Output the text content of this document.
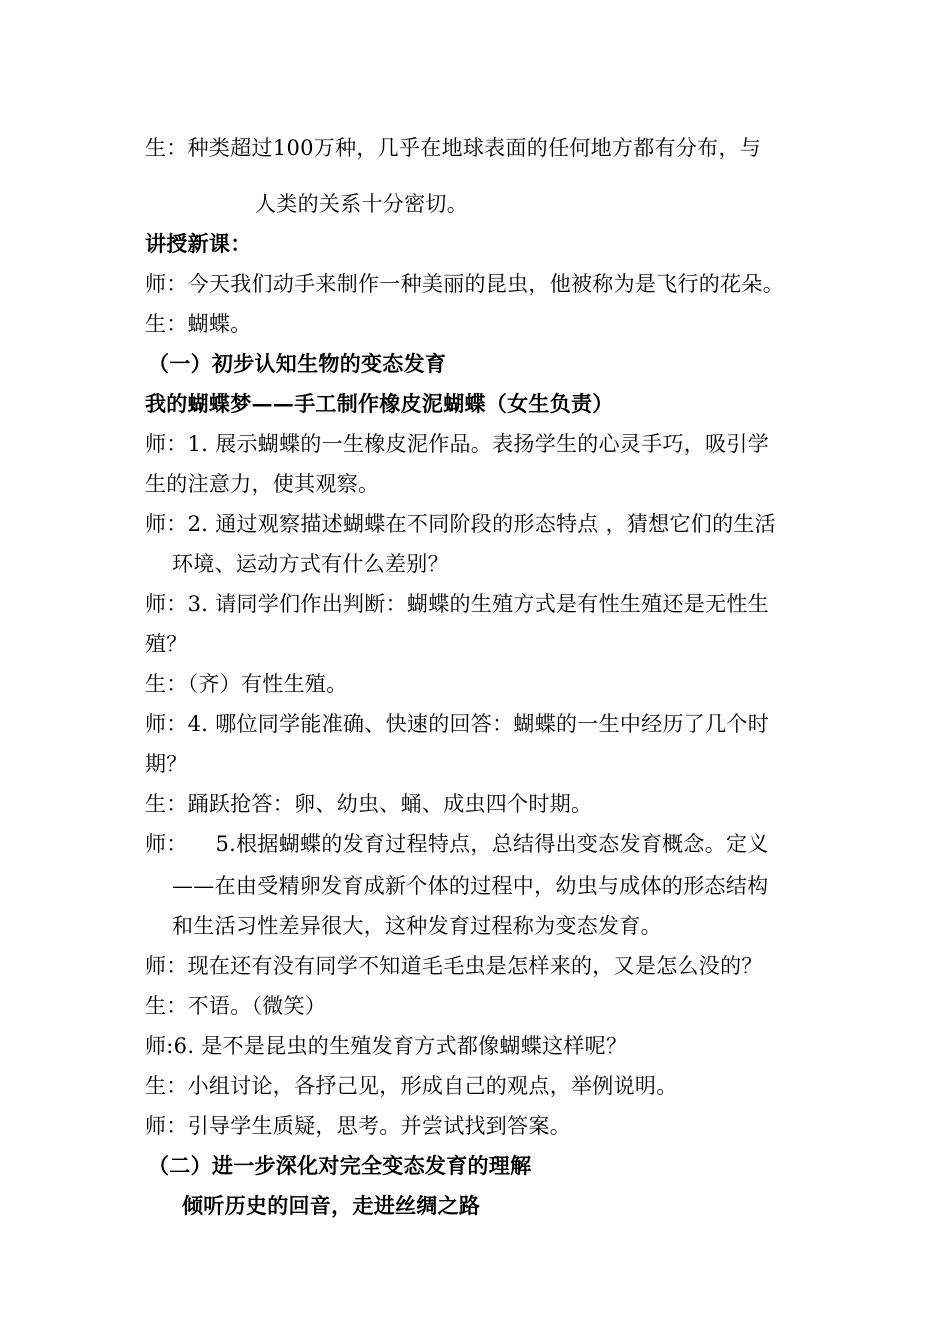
生：种类超过100万种，几乎在地球表面的任何地方都有分布，与
人类的关系十分密切。
讲授新课：
师：今天我们动手来制作一种美丽的昆虫，他被称为是飞行的花朵。
生：蝴蝶。
（一）初步认知生物的变态发育
我的蝴蝶梦——手工制作橡皮泥蝴蝶（女生负责）
师：1. 展示蝴蝶的一生橡皮泥作品。表扬学生的心灵手巧，吸引学
生的注意力，使其观察。
师：2. 通过观察描述蝴蝶在不同阶段的形态特点 ，猜想它们的生活
环境、运动方式有什么差别？
师：3. 请同学们作出判断：蝴蝶的生殖方式是有性生殖还是无性生
殖？
生：（齐）有性生殖。
师：4. 哪位同学能准确、快速的回答：蝴蝶的一生中经历了几个时
期？
生：踊跃抢答：卵、幼虫、蛹、成虫四个时期。
师：    5.根据蝴蝶的发育过程特点，总结得出变态发育概念。定义
——在由受精卵发育成新个体的过程中，幼虫与成体的形态结构
和生活习性差异很大，这种发育过程称为变态发育。
师：现在还有没有同学不知道毛毛虫是怎样来的，又是怎么没的？
生：不语。（微笑）
师:6. 是不是昆虫的生殖发育方式都像蝴蝶这样呢？
生：小组讨论，各抒己见，形成自己的观点，举例说明。
师：引导学生质疑，思考。并尝试找到答案。
（二）进一步深化对完全变态发育的理解
倾听历史的回音，走进丝绸之路
